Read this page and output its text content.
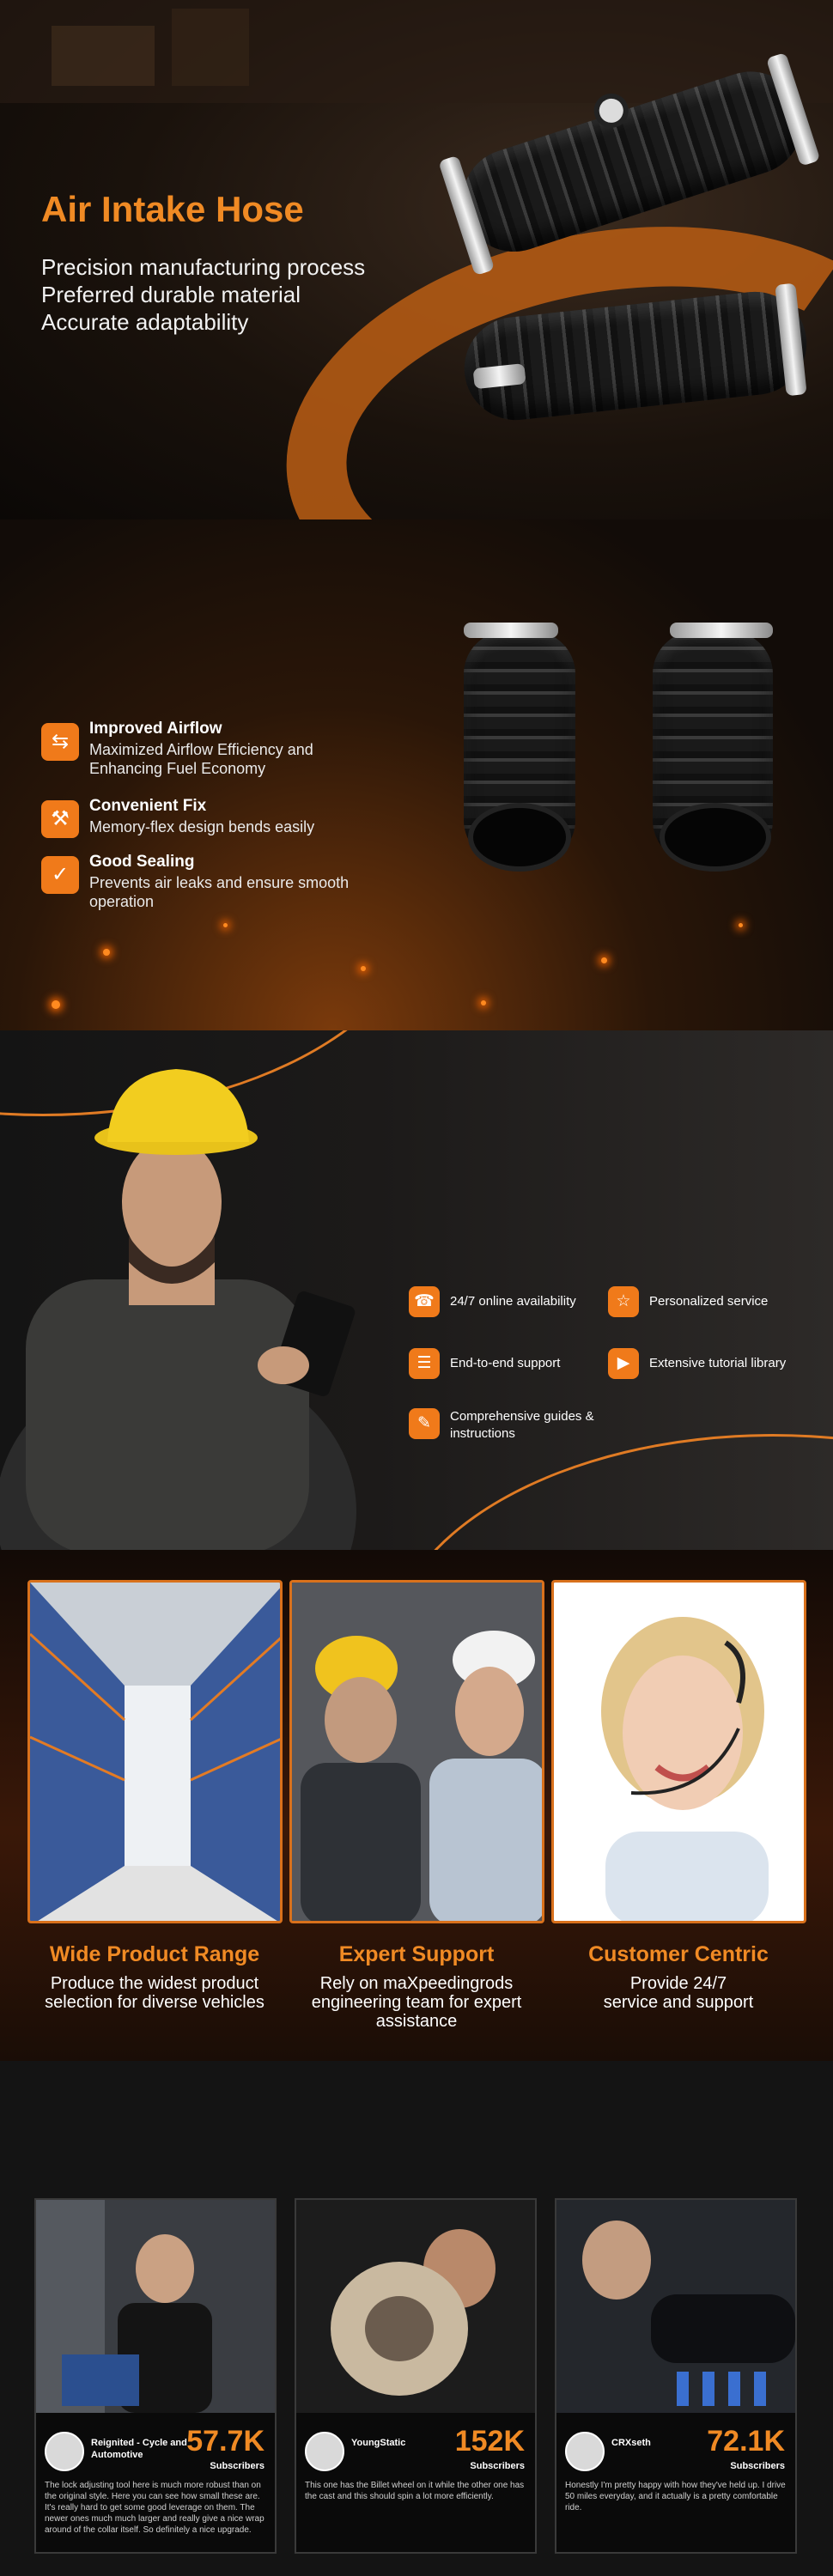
Air Intake Hose
Precision manufacturing process
Preferred durable material
Accurate adaptability
⇆
Improved Airflow
Maximized Airflow Efficiency and Enhancing Fuel Economy
⚒
Convenient Fix
Memory-flex design bends easily
✓
Good Sealing
Prevents air leaks and ensure smooth operation
☎	24/7 online availability	☆	Personalized service
☰	End-to-end support	▶	Extensive tutorial library
✎	Comprehensive guides & instructions
Wide Product Range
Produce the widest product selection for diverse vehicles
Expert Support
Rely on maXpeedingrods engineering team for expert assistance
Customer Centric
Provide 24/7 service and support
Reignited - Cycle and Automotive	57.7K
Subscribers
The lock adjusting tool here is much more robust than on the original style. Here you can see how small these are. It's really hard to get some good leverage on them. The newer ones much much larger and really give a nice wrap around of the collar itself. So definitely a nice upgrade.
YoungStatic	152K
Subscribers
This one has the Billet wheel on it while the other one has the cast and this should spin a lot more efficiently.
CRXseth	72.1K
Subscribers
Honestly I'm pretty happy with how they've held up. I drive 50 miles everyday, and it actually is a pretty comfortable ride.
